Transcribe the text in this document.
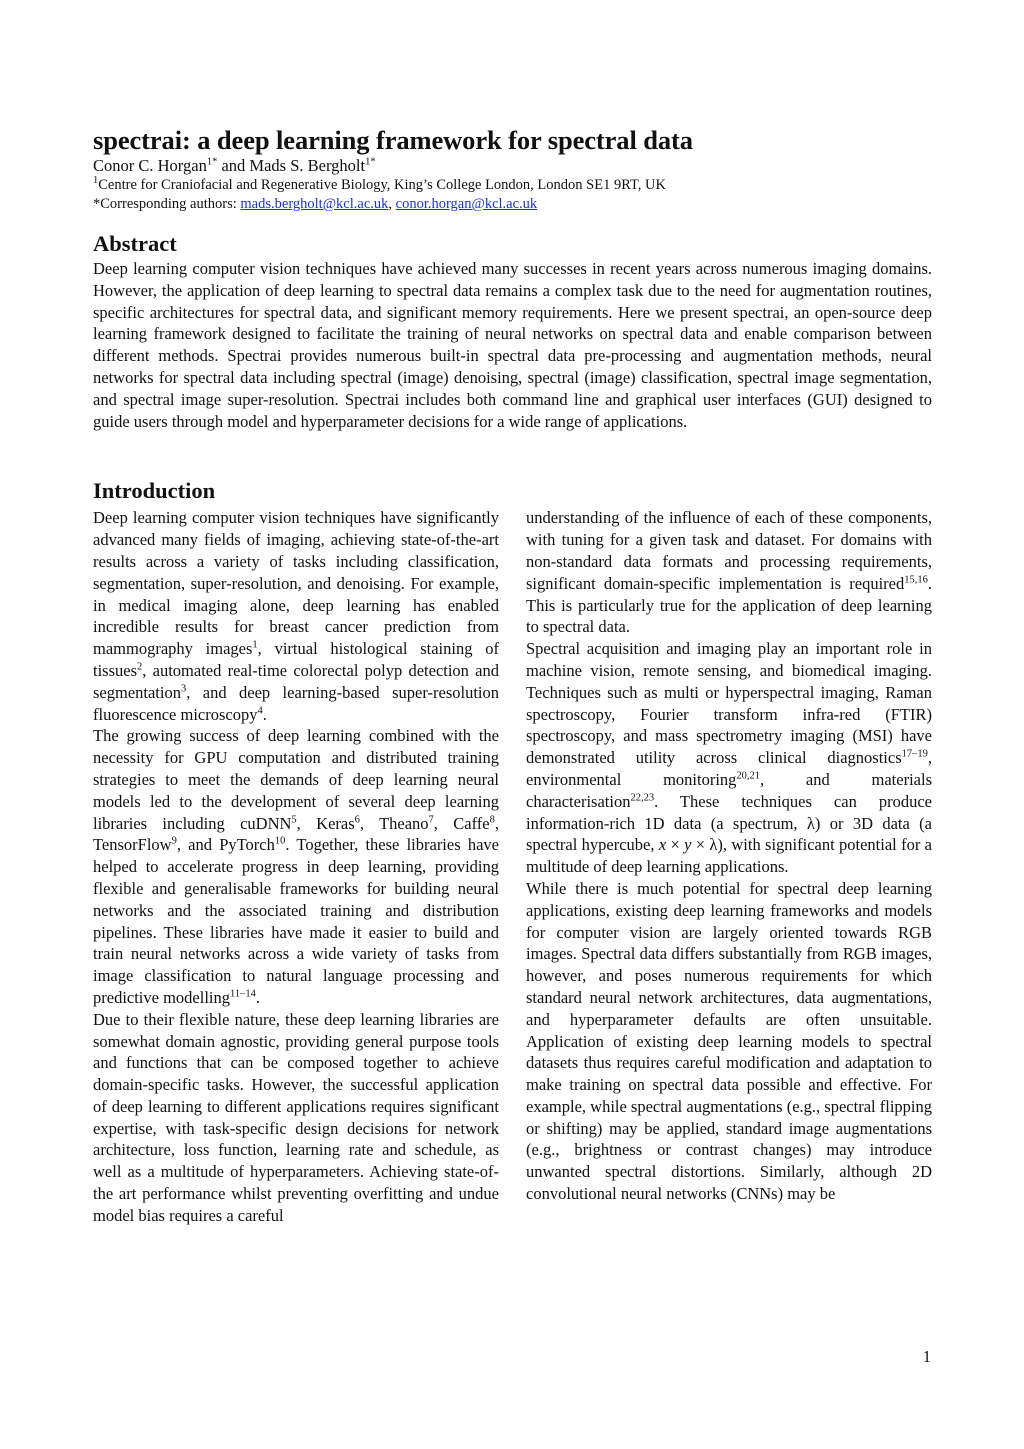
spectrai: a deep learning framework for spectral data
Conor C. Horgan$^{1*}$ and Mads S. Bergholt$^{1*}$
$^1$Centre for Craniofacial and Regenerative Biology, King’s College London, London SE1 9RT, UK
*Corresponding authors: mads.bergholt@kcl.ac.uk, conor.horgan@kcl.ac.uk
Abstract

Deep learning computer vision techniques have achieved many successes in recent years across numerous imaging domains. However, the application of deep learning to spectral data remains a complex task due to the need for augmentation routines, specific architectures for spectral data, and significant memory requirements. Here we present spectrai, an open-source deep learning framework designed to facilitate the training of neural networks on spectral data and enable comparison between different methods. Spectrai provides numerous built-in spectral data pre-processing and augmentation methods, neural networks for spectral data including spectral (image) denoising, spectral (image) classification, spectral image segmentation, and spectral image super-resolution. Spectrai includes both command line and graphical user interfaces (GUI) designed to guide users through model and hyperparameter decisions for a wide range of applications.

Introduction

Deep learning computer vision techniques have significantly advanced many fields of imaging, achieving state-of-the-art results across a variety of tasks including classification, segmentation, super-resolution, and denoising. For example, in medical imaging alone, deep learning has enabled incredible results for breast cancer prediction from mammography images$^1$, virtual histological staining of tissues$^2$, automated real-time colorectal polyp detection and segmentation$^3$, and deep learning-based super-resolution fluorescence microscopy$^4$.

The growing success of deep learning combined with the necessity for GPU computation and distributed training strategies to meet the demands of deep learning neural models led to the development of several deep learning libraries including cuDNN$^5$, Keras$^6$, Theano$^7$, Caffe$^8$, TensorFlow$^9$, and PyTorch$^{10}$. Together, these libraries have helped to accelerate progress in deep learning, providing flexible and generalisable frameworks for building neural networks and the associated training and distribution pipelines. These libraries have made it easier to build and train neural networks across a wide variety of tasks from image classification to natural language processing and predictive modelling$^{11-14}$.

Due to their flexible nature, these deep learning libraries are somewhat domain agnostic, providing general purpose tools and functions that can be composed together to achieve domain-specific tasks. However, the successful application of deep learning to different applications requires significant expertise, with task-specific design decisions for network architecture, loss function, learning rate and schedule, as well as a multitude of hyperparameters. Achieving state-of-the art performance whilst preventing overfitting and undue model bias requires a careful

understanding of the influence of each of these components, with tuning for a given task and dataset. For domains with non-standard data formats and processing requirements, significant domain-specific implementation is required$^{15,16}$. This is particularly true for the application of deep learning to spectral data.

Spectral acquisition and imaging play an important role in machine vision, remote sensing, and biomedical imaging. Techniques such as multi or hyperspectral imaging, Raman spectroscopy, Fourier transform infra-red (FTIR) spectroscopy, and mass spectrometry imaging (MSI) have demonstrated utility across clinical diagnostics$^{17-19}$, environmental monitoring$^{20,21}$, and materials characterisation$^{22,23}$. These techniques can produce information-rich 1D data (a spectrum, λ) or 3D data (a spectral hypercube, x × y × λ), with significant potential for a multitude of deep learning applications.

While there is much potential for spectral deep learning applications, existing deep learning frameworks and models for computer vision are largely oriented towards RGB images. Spectral data differs substantially from RGB images, however, and poses numerous requirements for which standard neural network architectures, data augmentations, and hyperparameter defaults are often unsuitable. Application of existing deep learning models to spectral datasets thus requires careful modification and adaptation to make training on spectral data possible and effective. For example, while spectral augmentations (e.g., spectral flipping or shifting) may be applied, standard image augmentations (e.g., brightness or contrast changes) may introduce unwanted spectral distortions. Similarly, although 2D convolutional neural networks (CNNs) may be

1
